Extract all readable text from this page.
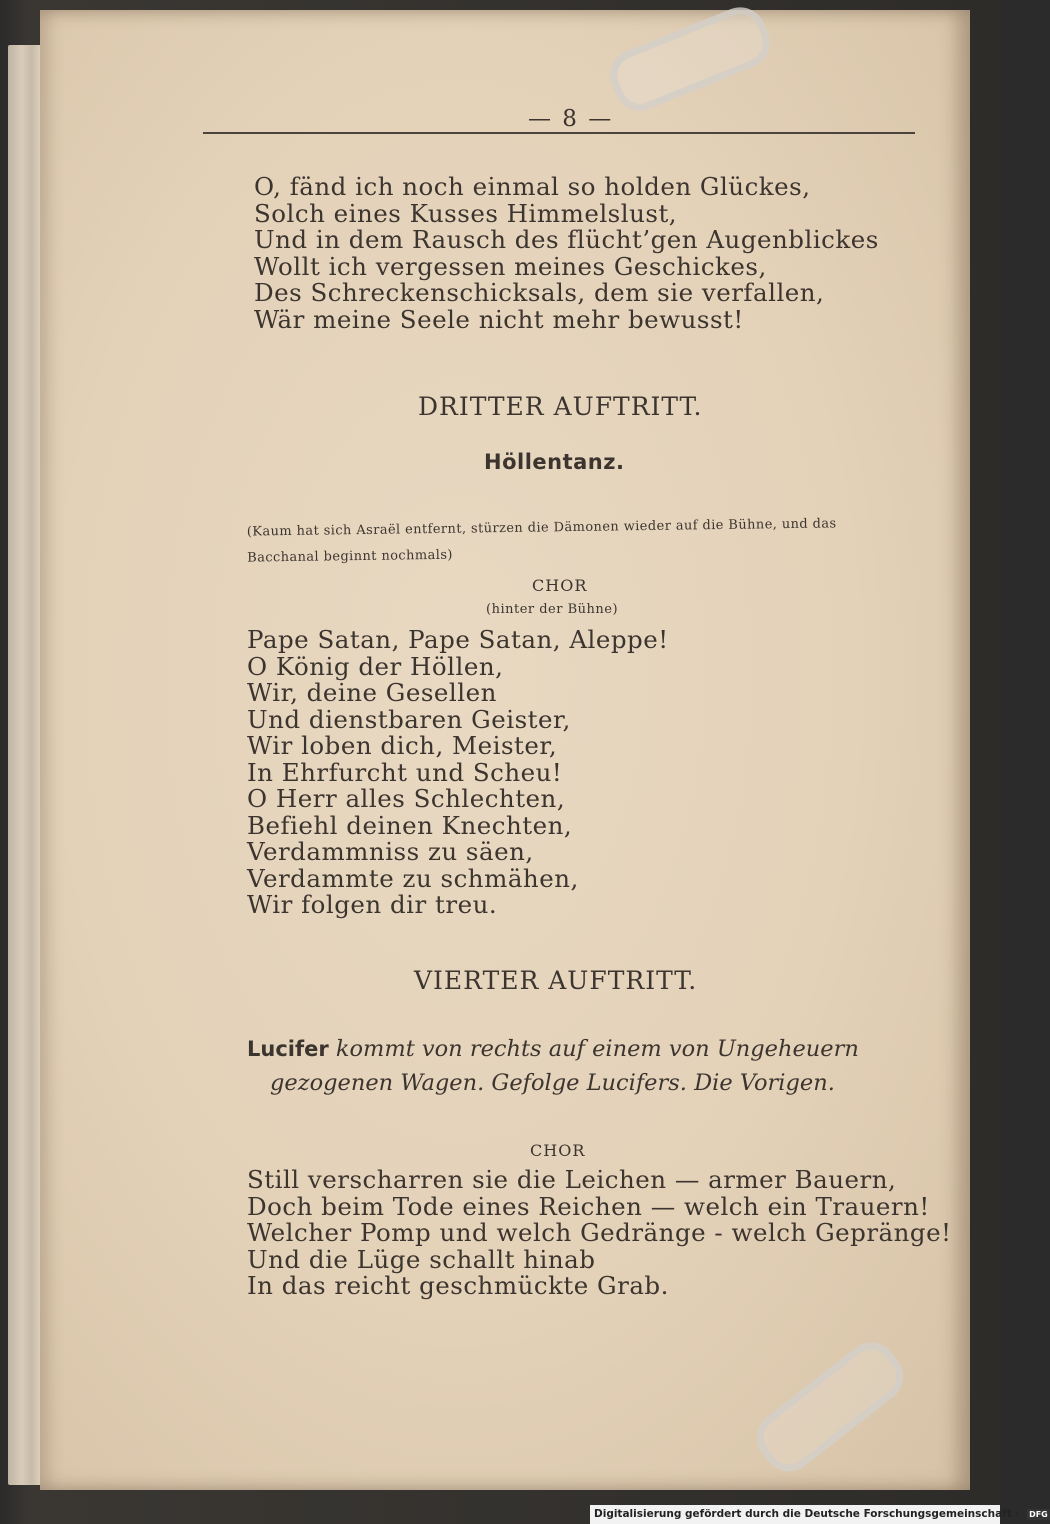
— 8 —
O, fänd ich noch einmal so holden Glückes,
Solch eines Kusses Himmelslust,
Und in dem Rausch des flücht’gen Augenblickes
Wollt ich vergessen meines Geschickes,
Des Schreckenschicksals, dem sie verfallen,
Wär meine Seele nicht mehr bewusst!
DRITTER AUFTRITT.
Höllentanz.
(Kaum hat sich Asraël entfernt, stürzen die Dämonen wieder auf die Bühne, und das Bacchanal beginnt nochmals)
CHOR
(hinter der Bühne)
Pape Satan, Pape Satan, Aleppe!
O König der Höllen,
Wir, deine Gesellen
Und dienstbaren Geister,
Wir loben dich, Meister,
In Ehrfurcht und Scheu!
O Herr alles Schlechten,
Befiehl deinen Knechten,
Verdammniss zu säen,
Verdammte zu schmähen,
Wir folgen dir treu.
VIERTER AUFTRITT.
Lucifer kommt von rechts auf einem von Ungeheuern
gezogenen Wagen. Gefolge Lucifers. Die Vorigen.
CHOR
Still verscharren sie die Leichen — armer Bauern,
Doch beim Tode eines Reichen — welch ein Trauern!
Welcher Pomp und welch Gedränge - welch Gepränge!
Und die Lüge schallt hinab
In das reicht geschmückte Grab.
Digitalisierung gefördert durch die Deutsche Forschungsgemeinschaft · DFG
